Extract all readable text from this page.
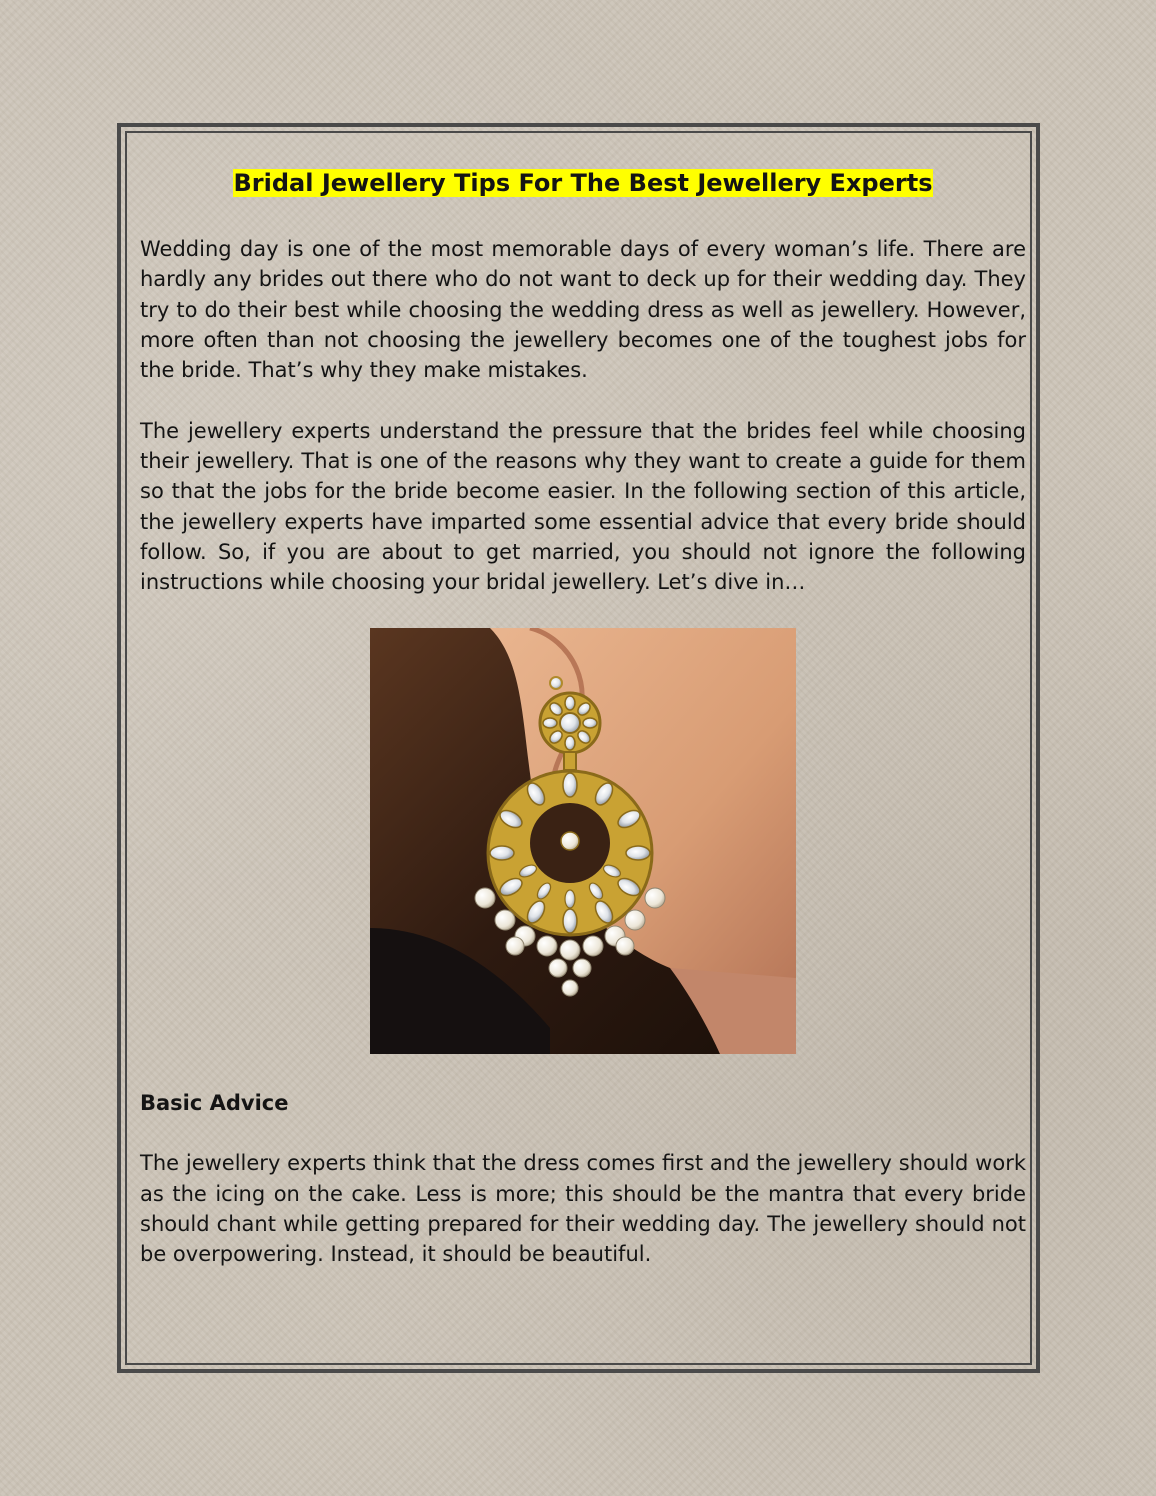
Bridal Jewellery Tips For The Best Jewellery Experts

Wedding day is one of the most memorable days of every woman’s life. There are hardly any brides out there who do not want to deck up for their wedding day. They try to do their best while choosing the wedding dress as well as jewellery. However, more often than not choosing the jewellery becomes one of the toughest jobs for the bride. That’s why they make mistakes.

The jewellery experts understand the pressure that the brides feel while choosing their jewellery. That is one of the reasons why they want to create a guide for them so that the jobs for the bride become easier. In the following section of this article, the jewellery experts have imparted some essential advice that every bride should follow. So, if you are about to get married, you should not ignore the following instructions while choosing your bridal jewellery. Let’s dive in…

Basic Advice

The jewellery experts think that the dress comes first and the jewellery should work as the icing on the cake. Less is more; this should be the mantra that every bride should chant while getting prepared for their wedding day. The jewellery should not be overpowering. Instead, it should be beautiful.
